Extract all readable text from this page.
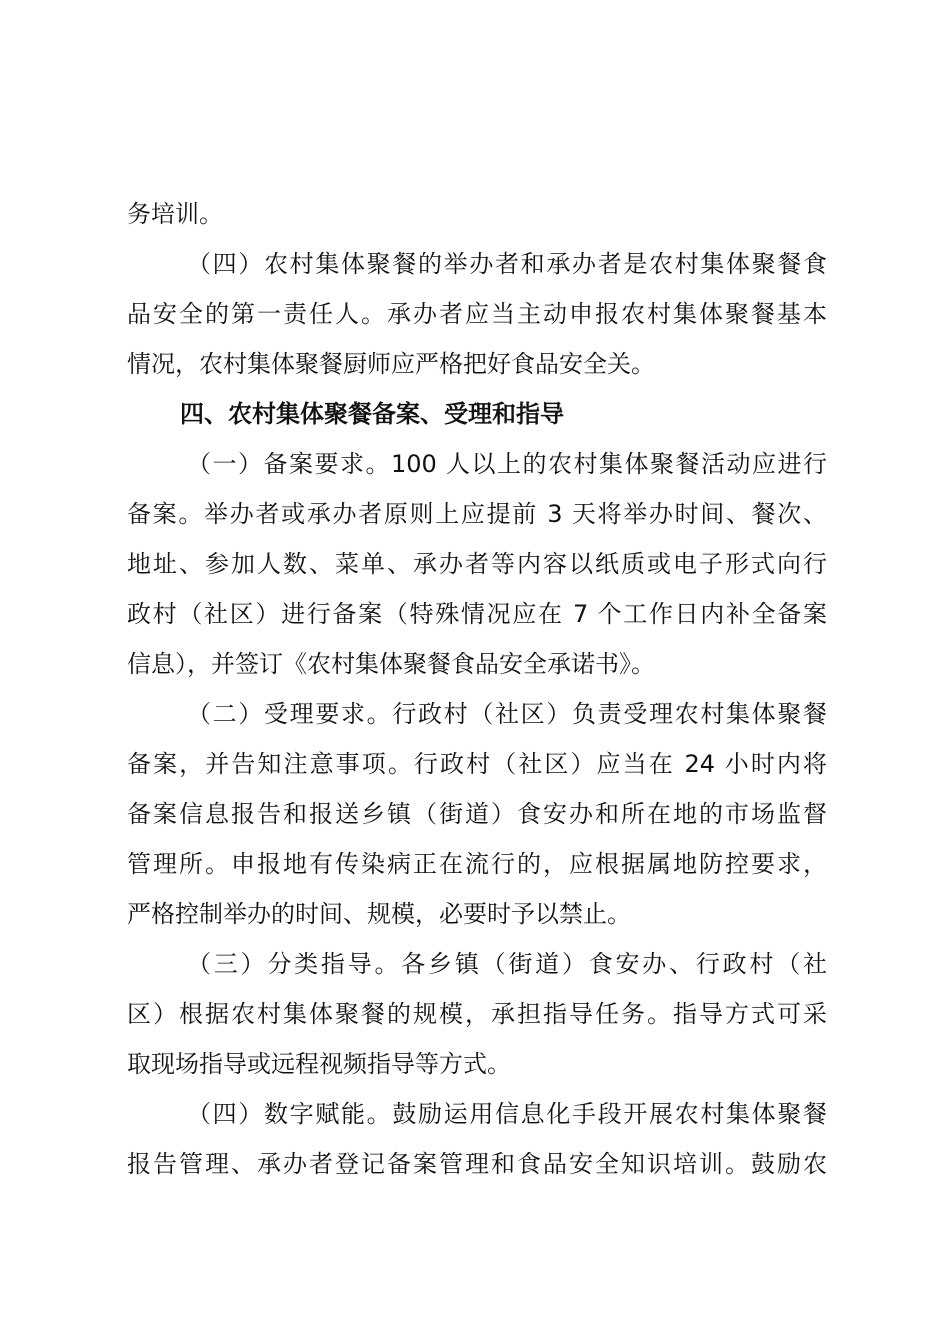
务培训。
（四）农村集体聚餐的举办者和承办者是农村集体聚餐食
品安全的第一责任人。承办者应当主动申报农村集体聚餐基本
情况，农村集体聚餐厨师应严格把好食品安全关。
四、农村集体聚餐备案、受理和指导
（一）备案要求。100 人以上的农村集体聚餐活动应进行
备案。举办者或承办者原则上应提前 3 天将举办时间、餐次、
地址、参加人数、菜单、承办者等内容以纸质或电子形式向行
政村（社区）进行备案（特殊情况应在 7 个工作日内补全备案
信息），并签订《农村集体聚餐食品安全承诺书》。
（二）受理要求。行政村（社区）负责受理农村集体聚餐
备案，并告知注意事项。行政村（社区）应当在 24 小时内将
备案信息报告和报送乡镇（街道）食安办和所在地的市场监督
管理所。申报地有传染病正在流行的，应根据属地防控要求，
严格控制举办的时间、规模，必要时予以禁止。
（三）分类指导。各乡镇（街道）食安办、行政村（社
区）根据农村集体聚餐的规模，承担指导任务。指导方式可采
取现场指导或远程视频指导等方式。
（四）数字赋能。鼓励运用信息化手段开展农村集体聚餐
报告管理、承办者登记备案管理和食品安全知识培训。鼓励农
